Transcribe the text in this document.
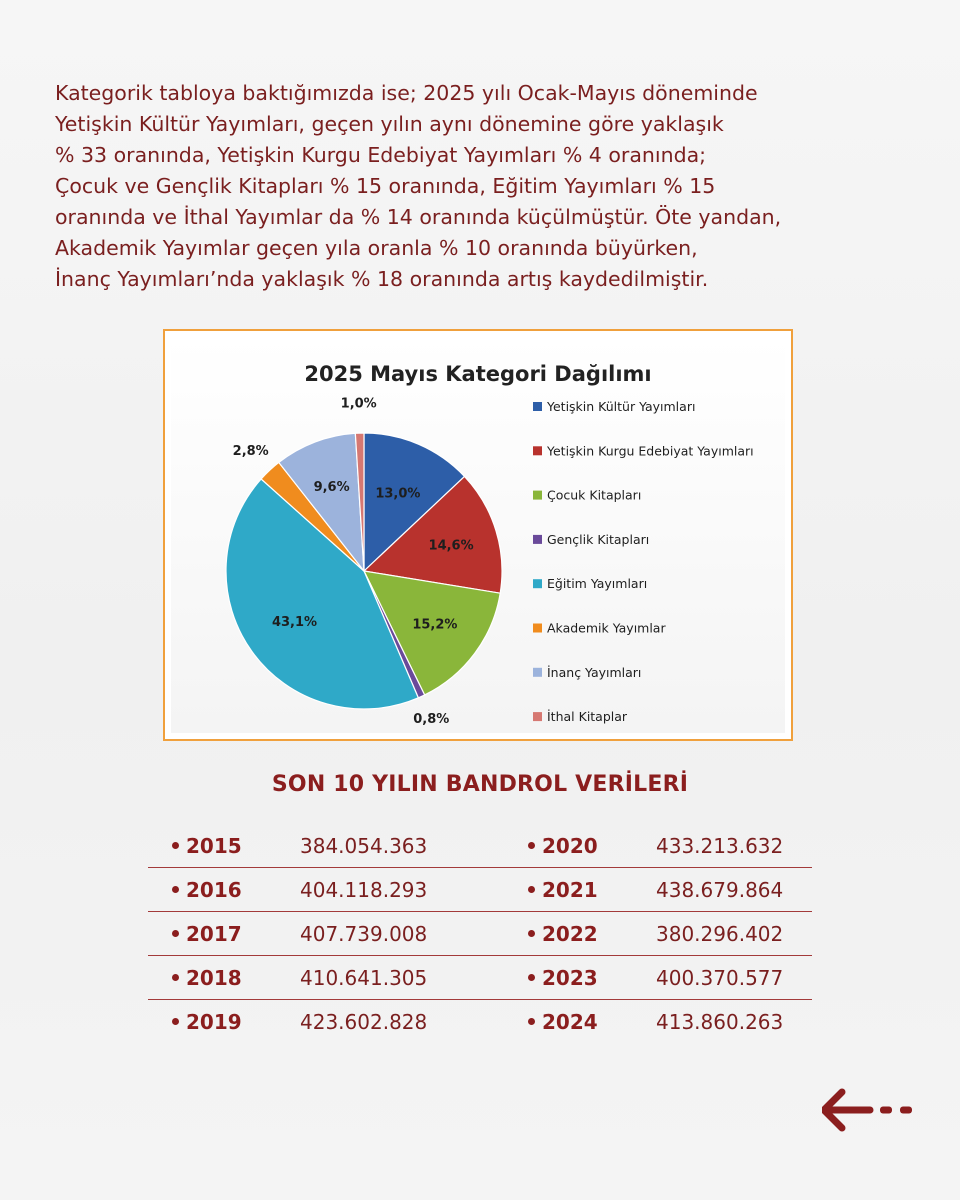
Kategorik tabloya baktığımızda ise; 2025 yılı Ocak-Mayıs döneminde
Yetişkin Kültür Yayımları, geçen yılın aynı dönemine göre yaklaşık
% 33 oranında, Yetişkin Kurgu Edebiyat Yayımları % 4 oranında;
Çocuk ve Gençlik Kitapları % 15 oranında, Eğitim Yayımları % 15
oranında ve İthal Yayımlar da % 14 oranında küçülmüştür. Öte yandan,
Akademik Yayımlar geçen yıla oranla % 10 oranında büyürken,
İnanç Yayımları’nda yaklaşık % 18 oranında artış kaydedilmiştir.

2025 Mayıs Kategori Dağılımı
13,0%
14,6%
15,2%
0,8%
43,1%
2,8%
9,6%
1,0%	Yetişkin Kültür Yayımları
Yetişkin Kurgu Edebiyat Yayımları
Çocuk Kitapları
Gençlik Kitapları
Eğitim Yayımları
Akademik Yayımlar
İnanç Yayımları
İthal Kitaplar
SON 10 YILIN BANDROL VERİLERİ
2015	384.054.363	2020	433.213.632
2016	404.118.293	2021	438.679.864
2017	407.739.008	2022	380.296.402
2018	410.641.305	2023	400.370.577
2019	423.602.828	2024	413.860.263
